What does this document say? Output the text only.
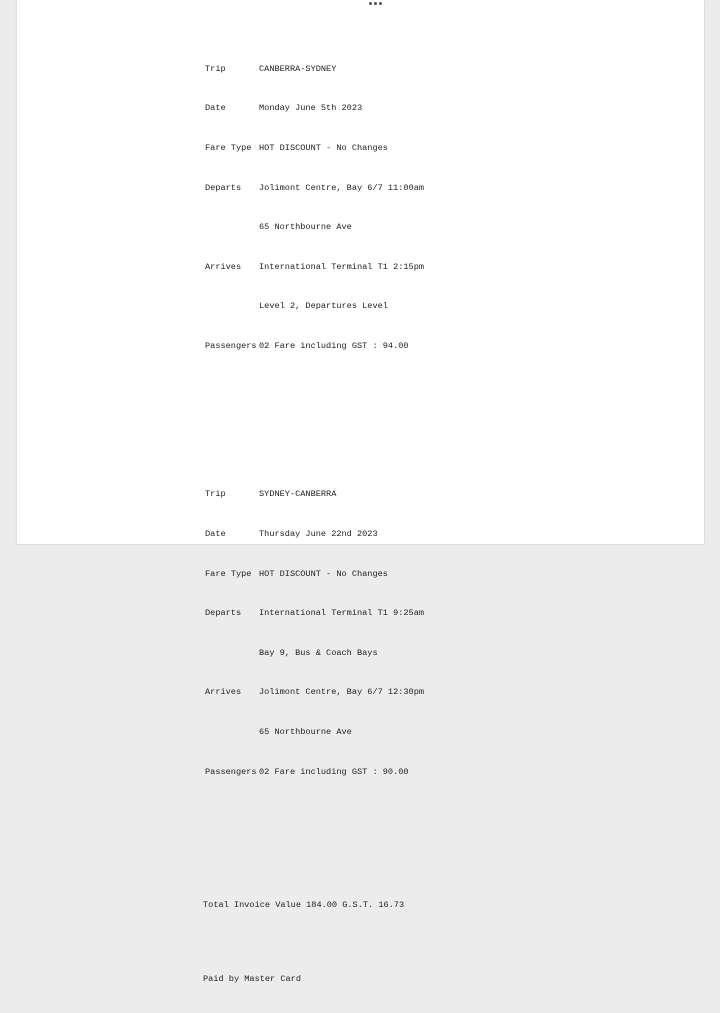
Trip	CANBERRA-SYDNEY

Date	Monday June 5th 2023

Fare Type HOT DISCOUNT - No Changes

Departs	Jolimont Centre, Bay 6/7 11:00am

65 Northbourne Ave

Arrives	International Terminal T1 2:15pm

Level 2, Departures Level

Passengers 02 Fare including GST : 94.00

Trip	SYDNEY-CANBERRA

Date	Thursday June 22nd 2023

Fare Type HOT DISCOUNT - No Changes

Departs	International Terminal T1 9:25am

Bay 9, Bus & Coach Bays

Arrives	Jolimont Centre, Bay 6/7 12:30pm

65 Northbourne Ave

Passengers 02 Fare including GST : 90.00

Total Invoice Value 184.00 G.S.T. 16.73

Paid by Master Card
